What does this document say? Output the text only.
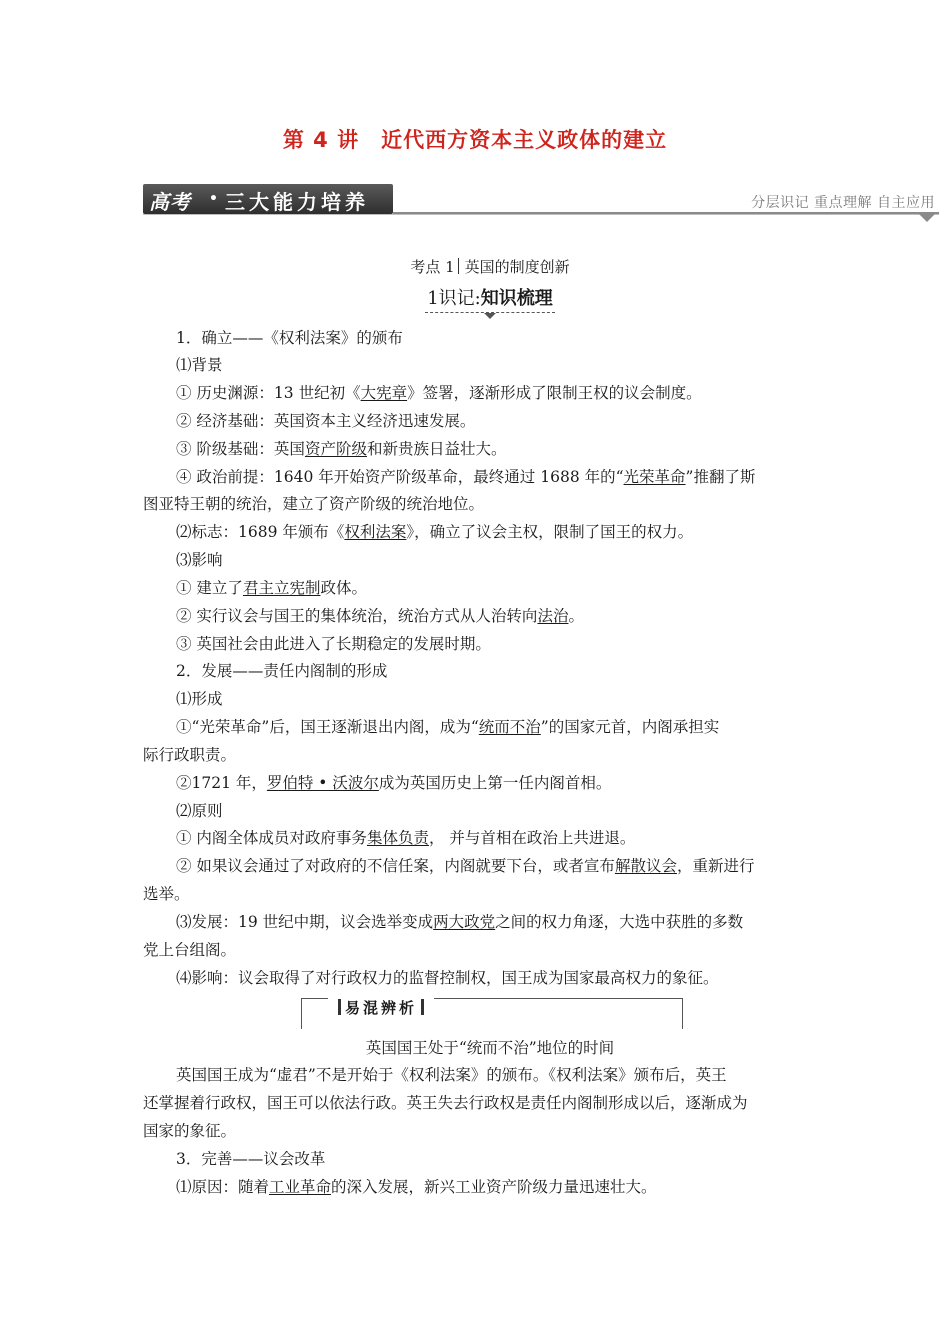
第 4 讲 近代西方资本主义政体的建立
高考 • 三大能力培养	分层识记 重点理解 自主应用
考点 1 英国的制度创新
1识记:知识梳理
1．确立——《权利法案》的颁布
⑴背景
① 历史渊源：13 世纪初《大宪章》签署，逐渐形成了限制王权的议会制度。
② 经济基础：英国资本主义经济迅速发展。
③ 阶级基础：英国资产阶级和新贵族日益壮大。
④ 政治前提：1640 年开始资产阶级革命，最终通过 1688 年的“光荣革命”推翻了斯
图亚特王朝的统治，建立了资产阶级的统治地位。
⑵标志：1689 年颁布《权利法案》，确立了议会主权，限制了国王的权力。
⑶影响
① 建立了君主立宪制政体。
② 实行议会与国王的集体统治，统治方式从人治转向法治。
③ 英国社会由此进入了长期稳定的发展时期。
2．发展——责任内阁制的形成
⑴形成
①“光荣革命”后，国王逐渐退出内阁，成为“统而不治”的国家元首，内阁承担实
际行政职责。
②1721 年，罗伯特 • 沃波尔成为英国历史上第一任内阁首相。
⑵原则
① 内阁全体成员对政府事务集体负责， 并与首相在政治上共进退。
② 如果议会通过了对政府的不信任案，内阁就要下台，或者宣布解散议会，重新进行
选举。
⑶发展：19 世纪中期，议会选举变成两大政党之间的权力角逐，大选中获胜的多数
党上台组阁。
⑷影响：议会取得了对行政权力的监督控制权，国王成为国家最高权力的象征。
英国国王成为“虚君”不是开始于《权利法案》的颁布。《权利法案》颁布后，英王
还掌握着行政权，国王可以依法行政。英王失去行政权是责任内阁制形成以后，逐渐成为
国家的象征。
3．完善——议会改革
⑴原因：随着工业革命的深入发展，新兴工业资产阶级力量迅速壮大。
易混辨析
英国国王处于“统而不治”地位的时间
